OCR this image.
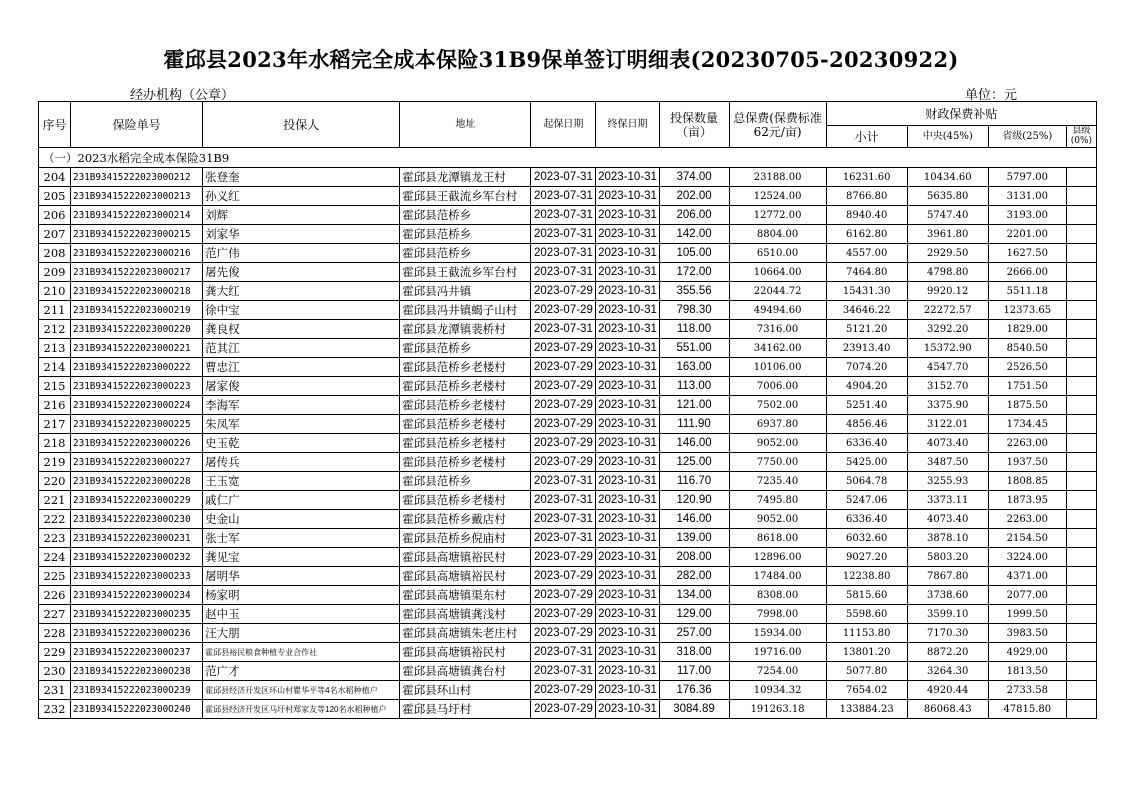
霍邱县2023年水稻完全成本保险31B9保单签订明细表(20230705-20230922)
经办机构（公章）	单位：元
序号	保险单号	投保人	地址	起保日期	终保日期	投保数量（亩）	总保费(保费标准62元/亩)	财政保费补贴			
								小计	中央(45%)	省级(25%)	县级(0%)
（一）2023水稻完全成本保险31B9											
204	231B9341522202300O212	张登奎	霍邱县龙潭镇龙王村	2023-07-31	2023-10-31	374.00	23188.00	16231.60	10434.60	5797.00	
205	231B9341522202300O213	孙义红	霍邱县王截流乡军台村	2023-07-31	2023-10-31	202.00	12524.00	8766.80	5635.80	3131.00	
206	231B9341522202300O214	刘辉	霍邱县范桥乡	2023-07-31	2023-10-31	206.00	12772.00	8940.40	5747.40	3193.00	
207	231B9341522202300O215	刘家华	霍邱县范桥乡	2023-07-31	2023-10-31	142.00	8804.00	6162.80	3961.80	2201.00	
208	231B9341522202300O216	范广伟	霍邱县范桥乡	2023-07-31	2023-10-31	105.00	6510.00	4557.00	2929.50	1627.50	
209	231B9341522202300O217	屠先俊	霍邱县王截流乡军台村	2023-07-31	2023-10-31	172.00	10664.00	7464.80	4798.80	2666.00	
210	231B9341522202300O218	龚大红	霍邱县冯井镇	2023-07-29	2023-10-31	355.56	22044.72	15431.30	9920.12	5511.18	
211	231B9341522202300O219	徐中宝	霍邱县冯井镇蝎子山村	2023-07-29	2023-10-31	798.30	49494.60	34646.22	22272.57	12373.65	
212	231B9341522202300O220	龚良权	霍邱县龙潭镇裴桥村	2023-07-31	2023-10-31	118.00	7316.00	5121.20	3292.20	1829.00	
213	231B9341522202300O221	范其江	霍邱县范桥乡	2023-07-29	2023-10-31	551.00	34162.00	23913.40	15372.90	8540.50	
214	231B9341522202300O222	曹忠江	霍邱县范桥乡老楼村	2023-07-29	2023-10-31	163.00	10106.00	7074.20	4547.70	2526.50	
215	231B9341522202300O223	屠家俊	霍邱县范桥乡老楼村	2023-07-29	2023-10-31	113.00	7006.00	4904.20	3152.70	1751.50	
216	231B9341522202300O224	李海军	霍邱县范桥乡老楼村	2023-07-29	2023-10-31	121.00	7502.00	5251.40	3375.90	1875.50	
217	231B9341522202300O225	朱凤军	霍邱县范桥乡老楼村	2023-07-29	2023-10-31	111.90	6937.80	4856.46	3122.01	1734.45	
218	231B9341522202300O226	史玉乾	霍邱县范桥乡老楼村	2023-07-29	2023-10-31	146.00	9052.00	6336.40	4073.40	2263.00	
219	231B9341522202300O227	屠传兵	霍邱县范桥乡老楼村	2023-07-29	2023-10-31	125.00	7750.00	5425.00	3487.50	1937.50	
220	231B9341522202300O228	王玉宽	霍邱县范桥乡	2023-07-31	2023-10-31	116.70	7235.40	5064.78	3255.93	1808.85	
221	231B9341522202300O229	戚仁广	霍邱县范桥乡老楼村	2023-07-31	2023-10-31	120.90	7495.80	5247.06	3373.11	1873.95	
222	231B9341522202300O230	史金山	霍邱县范桥乡戴店村	2023-07-31	2023-10-31	146.00	9052.00	6336.40	4073.40	2263.00	
223	231B9341522202300O231	张士军	霍邱县范桥乡倪庙村	2023-07-31	2023-10-31	139.00	8618.00	6032.60	3878.10	2154.50	
224	231B9341522202300O232	龚见宝	霍邱县高塘镇裕民村	2023-07-29	2023-10-31	208.00	12896.00	9027.20	5803.20	3224.00	
225	231B9341522202300O233	屠明华	霍邱县高塘镇裕民村	2023-07-29	2023-10-31	282.00	17484.00	12238.80	7867.80	4371.00	
226	231B9341522202300O234	杨家明	霍邱县高塘镇渠东村	2023-07-29	2023-10-31	134.00	8308.00	5815.60	3738.60	2077.00	
227	231B9341522202300O235	赵中玉	霍邱县高塘镇龚浅村	2023-07-29	2023-10-31	129.00	7998.00	5598.60	3599.10	1999.50	
228	231B9341522202300O236	汪大朋	霍邱县高塘镇朱老庄村	2023-07-29	2023-10-31	257.00	15934.00	11153.80	7170.30	3983.50	
229	231B9341522202300O237	霍邱县裕民粮食种植专业合作社	霍邱县高塘镇裕民村	2023-07-31	2023-10-31	318.00	19716.00	13801.20	8872.20	4929.00	
230	231B9341522202300O238	范广才	霍邱县高塘镇龚台村	2023-07-31	2023-10-31	117.00	7254.00	5077.80	3264.30	1813.50	
231	231B9341522202300O239	霍邱县经济开发区环山村瞿华平等4名水稻种植户	霍邱县环山村	2023-07-29	2023-10-31	176.36	10934.32	7654.02	4920.44	2733.58	
232	231B9341522202300O240	霍邱县经济开发区马圩村郑家友等120名水稻种植户	霍邱县马圩村	2023-07-29	2023-10-31	3084.89	191263.18	133884.23	86068.43	47815.80	
